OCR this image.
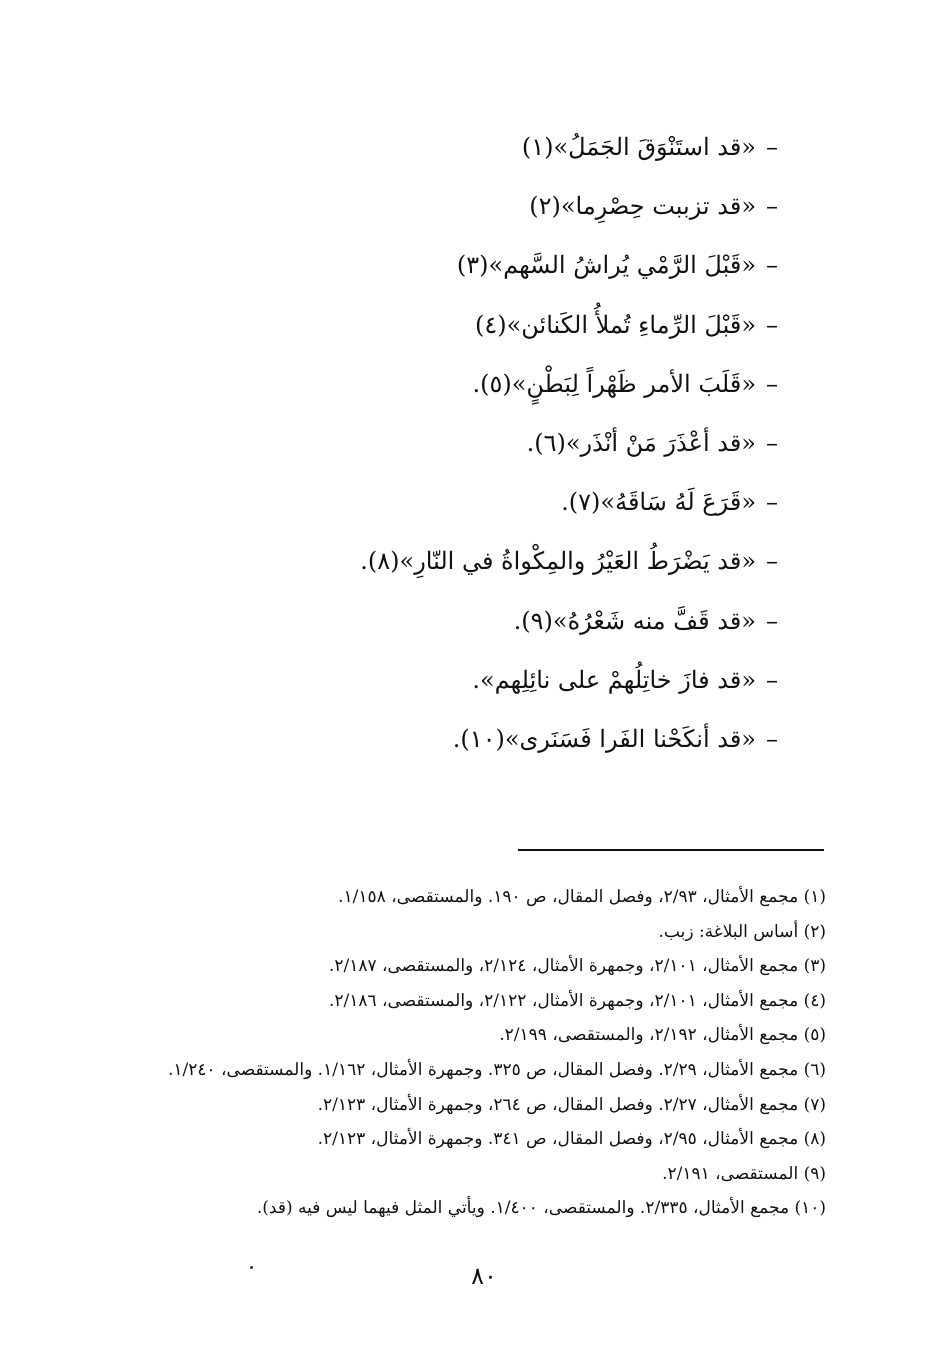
–«قد استَنْوَقَ الجَمَلُ»(١)
–«قد تزببت حِصْرِما»(٢)
–«قَبْلَ الرَّمْي يُراشُ السَّهم»(٣)
–«قَبْلَ الرِّماءِ تُملأُ الكَنائن»(٤)
–«قَلَبَ الأمر ظَهْراً لِبَطْنٍ»(٥).
–«قد أعْذَرَ مَنْ أنْذَر»(٦).
–«قَرَعَ لَهُ سَاقَهُ»(٧).
–«قد يَضْرَطُ العَيْرُ والمِكْواةُ في النّارِ»(٨).
–«قد قَفَّ منه شَعْرُهُ»(٩).
–«قد فازَ خاتِلُهمْ على نائِلِهم».
–«قد أنكَحْنا الفَرا فَسَنَرى»(١٠).
(١) مجمع الأمثال، ٢/٩٣، وفصل المقال، ص ١٩٠. والمستقصى، ١/١٥٨.
(٢) أساس البلاغة: زبب.
(٣) مجمع الأمثال، ٢/١٠١، وجمهرة الأمثال، ٢/١٢٤، والمستقصى، ٢/١٨٧.
(٤) مجمع الأمثال، ٢/١٠١، وجمهرة الأمثال، ٢/١٢٢، والمستقصى، ٢/١٨٦.
(٥) مجمع الأمثال، ٢/١٩٢، والمستقصى، ٢/١٩٩.
(٦) مجمع الأمثال، ٢/٢٩. وفصل المقال، ص ٣٢٥. وجمهرة الأمثال، ١/١٦٢. والمستقصى، ١/٢٤٠.
(٧) مجمع الأمثال، ٢/٢٧. وفصل المقال، ص ٢٦٤، وجمهرة الأمثال، ٢/١٢٣.
(٨) مجمع الأمثال، ٢/٩٥، وفصل المقال، ص ٣٤١. وجمهرة الأمثال، ٢/١٢٣.
(٩) المستقصى، ٢/١٩١.
(١٠) مجمع الأمثال، ٢/٣٣٥. والمستقصى، ١/٤٠٠. ويأتي المثل فيهما ليس فيه (قد).
٨٠
